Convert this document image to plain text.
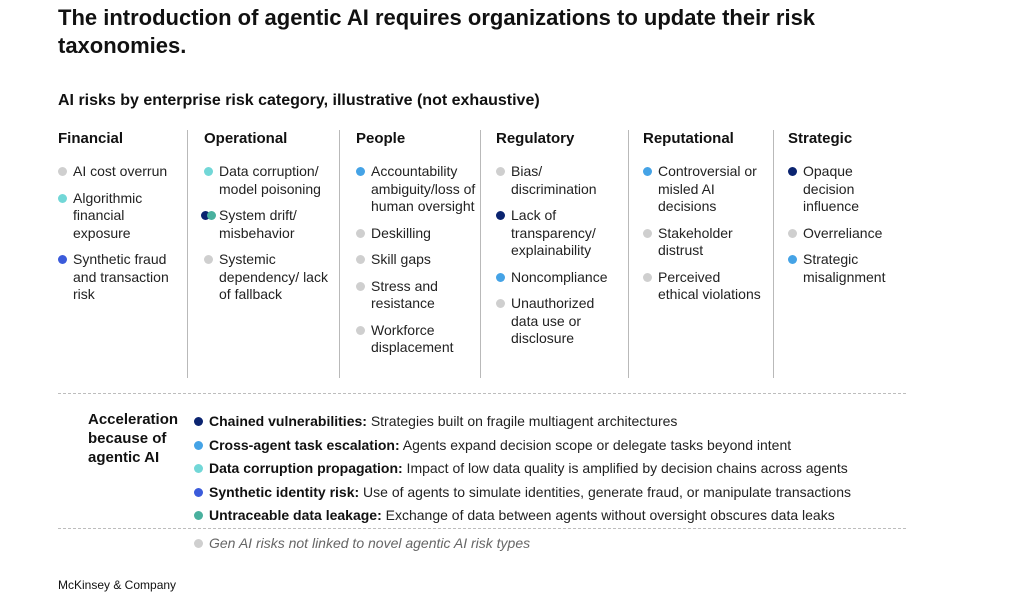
The introduction of agentic AI requires organizations to update their risk taxonomies.
AI risks by enterprise risk category, illustrative (not exhaustive)
Financial
AI cost overrun
Algorithmic financial exposure
Synthetic fraud and transaction risk
Operational
Data corruption/ model poisoning
System drift/ misbehavior
Systemic dependency/ lack of fallback
People
Accountability ambiguity/loss of human oversight
Deskilling
Skill gaps
Stress and resistance
Workforce displacement
Regulatory
Bias/ discrimination
Lack of transparency/ explainability
Noncompliance
Unauthorized data use or disclosure
Reputational
Controversial or misled AI decisions
Stakeholder distrust
Perceived ethical violations
Strategic
Opaque decision influence
Overreliance
Strategic misalignment
Acceleration because of agentic AI
Chained vulnerabilities: Strategies built on fragile multiagent architectures
Cross-agent task escalation: Agents expand decision scope or delegate tasks beyond intent
Data corruption propagation: Impact of low data quality is amplified by decision chains across agents
Synthetic identity risk: Use of agents to simulate identities, generate fraud, or manipulate transactions
Untraceable data leakage: Exchange of data between agents without oversight obscures data leaks
Gen AI risks not linked to novel agentic AI risk types
McKinsey & Company
